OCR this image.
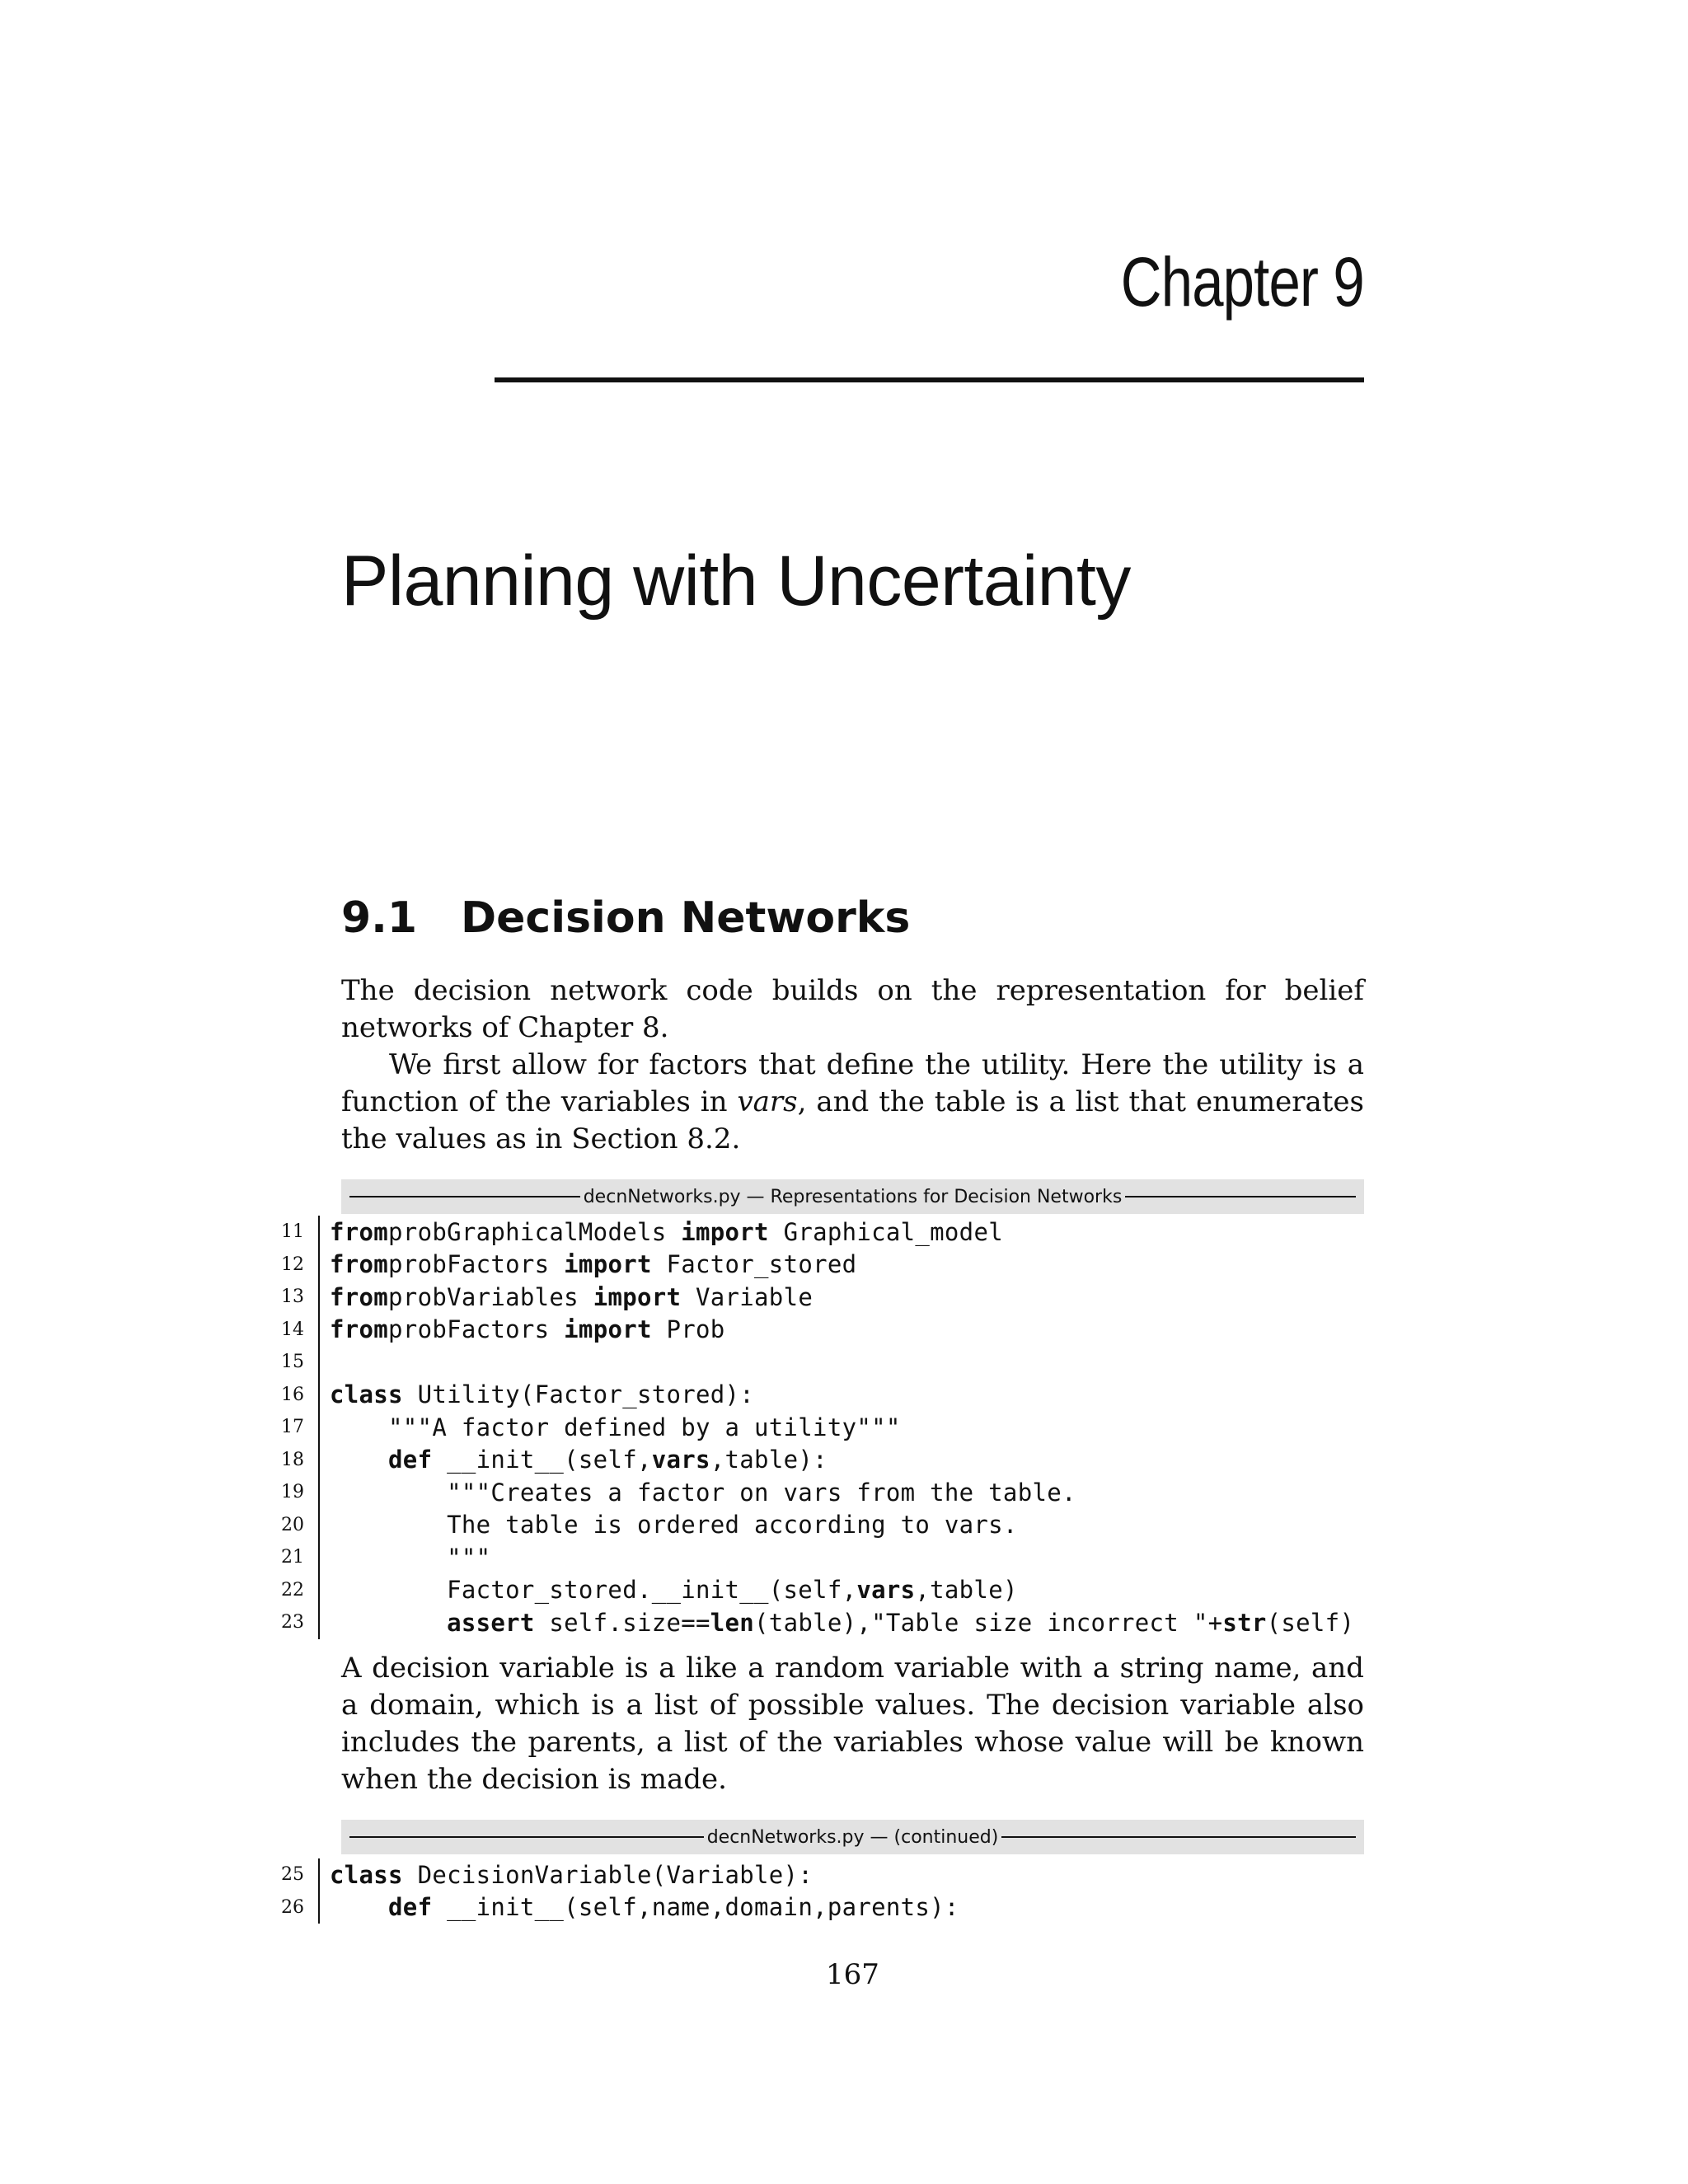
Chapter 9
Planning with Uncertainty
9.1 Decision Networks

The decision network code builds on the representation for belief networks of Chapter 8.

We first allow for factors that define the utility. Here the utility is a function of the variables in vars, and the table is a list that enumerates the values as in Section 8.2.

decnNetworks.py — Representations for Decision Networks
11	fromprobGraphicalModels import Graphical_model
12	fromprobFactors import Factor_stored
13	fromprobVariables import Variable
14	fromprobFactors import Prob
15
16	class Utility(Factor_stored):
17	"""A factor defined by a utility"""
18	def __init__(self,vars,table):
19	"""Creates a factor on vars from the table.
20	The table is ordered according to vars.
21	"""
22	Factor_stored.__init__(self,vars,table)
23	assert self.size==len(table),"Table size incorrect "+str(self)

A decision variable is a like a random variable with a string name, and a domain, which is a list of possible values. The decision variable also includes the parents, a list of the variables whose value will be known when the decision is made.

decnNetworks.py — (continued)
25	class DecisionVariable(Variable):
26	def __init__(self,name,domain,parents):
167
